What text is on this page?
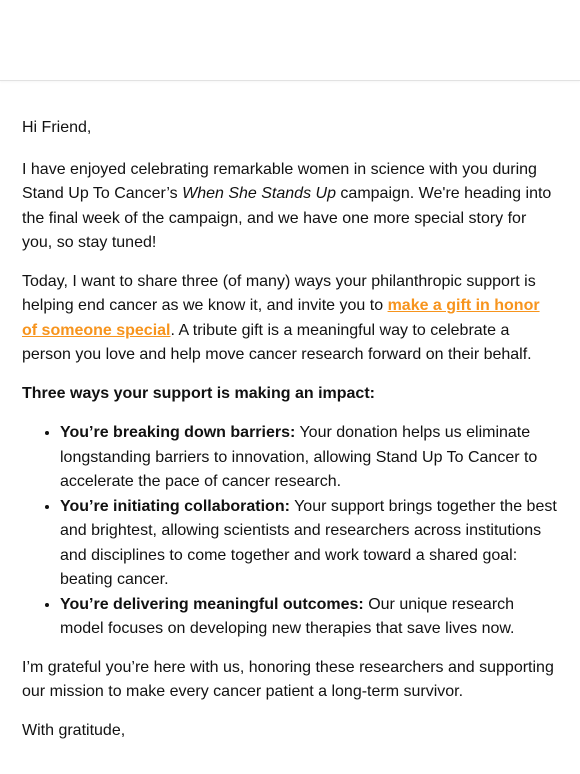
Hi Friend,

I have enjoyed celebrating remarkable women in science with you during Stand Up To Cancer’s When She Stands Up campaign. We're heading into the final week of the campaign, and we have one more special story for you, so stay tuned!

Today, I want to share three (of many) ways your philanthropic support is helping end cancer as we know it, and invite you to make a gift in honor of someone special. A tribute gift is a meaningful way to celebrate a person you love and help move cancer research forward on their behalf.

Three ways your support is making an impact:

• You’re breaking down barriers: Your donation helps us eliminate longstanding barriers to innovation, allowing Stand Up To Cancer to accelerate the pace of cancer research.
• You’re initiating collaboration: Your support brings together the best and brightest, allowing scientists and researchers across institutions and disciplines to come together and work toward a shared goal: beating cancer.
• You’re delivering meaningful outcomes: Our unique research model focuses on developing new therapies that save lives now.

I’m grateful you’re here with us, honoring these researchers and supporting our mission to make every cancer patient a long-term survivor.

With gratitude,
